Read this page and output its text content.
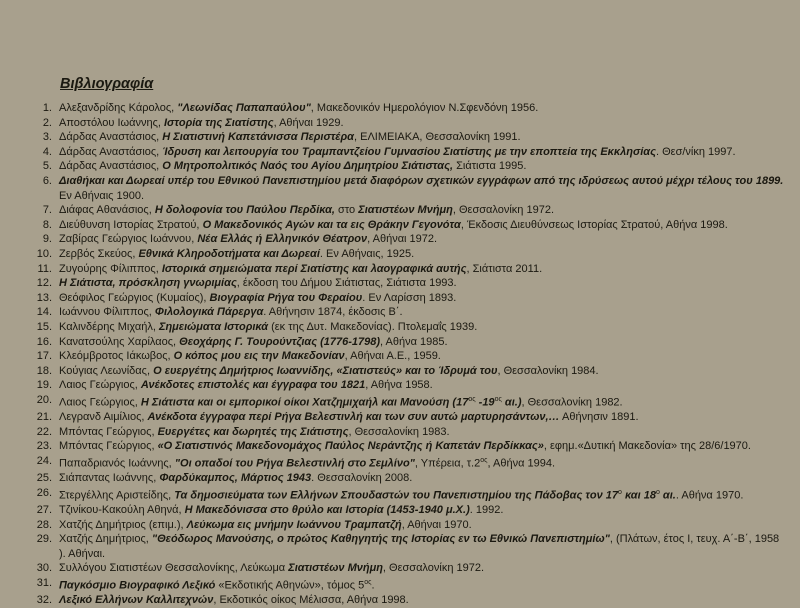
Βιβλιογραφία
1. Αλεξανδρίδης Κάρολος, "Λεωνίδας Παπαπαύλου", Μακεδονικόν Ημερολόγιον Ν.Σφενδόνη 1956.
2. Αποστόλου Ιωάννης, Ιστορία της Σιατίστης, Αθήναι 1929.
3. Δάρδας Αναστάσιος, Η Σιατιστινή Καπετάνισσα Περιστέρα, ΕΛΙΜΕΙΑΚΑ, Θεσσαλονίκη 1991.
4. Δάρδας Αναστάσιος, Ίδρυση και λειτουργία του Τραμπαντζείου Γυμνασίου Σιατίστης με την εποπτεία της Εκκλησίας. Θεσ/νίκη 1997.
5. Δάρδας Αναστάσιος, Ο Μητροπολιτικός Ναός του Αγίου Δημητρίου Σιάτιστας, Σιάτιστα 1995.
6. Διαθήκαι και Δωρεαί υπέρ του Εθνικού Πανεπιστημίου μετά διαφόρων σχετικών εγγράφων από της ιδρύσεως αυτού μέχρι τέλους του 1899. Εν Αθήναις 1900.
7. Διάφας Αθανάσιος, Η δολοφονία του Παύλου Περδίκα, στο Σιατιστέων Μνήμη, Θεσσαλονίκη 1972.
8. Διεύθυνση Ιστορίας Στρατού, Ο Μακεδονικός Αγών και τα εις Θράκην Γεγονότα, Έκδοσις Διευθύνσεως Ιστορίας Στρατού, Αθήνα 1998.
9. Ζαβίρας Γεώργιος Ιωάννου, Νέα Ελλάς ή Ελληνικόν Θέατρον, Αθήναι 1972.
10. Ζερβός Σκεύος, Εθνικά Κληροδοτήματα και Δωρεαί. Εν Αθήναις, 1925.
11. Ζυγούρης Φίλιππος, Ιστορικά σημειώματα περί Σιατίστης και λαογραφικά αυτής, Σιάτιστα 2011.
12. Η Σιάτιστα, πρόσκληση γνωριμίας, έκδοση του Δήμου Σιάτιστας, Σιάτιστα 1993.
13. Θεόφιλος Γεώργιος (Κυμαίος), Βιογραφία Ρήγα του Φεραίου. Εν Λαρίσση 1893.
14. Ιωάννου Φίλιππος, Φιλολογικά Πάρεργα. Αθήνησιν 1874, έκδοσις Β΄.
15. Καλινδέρης Μιχαήλ, Σημειώματα Ιστορικά (εκ της Δυτ. Μακεδονίας). Πτολεμαΐς 1939.
16. Κανατσούλης Χαρίλαος, Θεοχάρης Γ. Τουρούντζιας (1776-1798), Αθήνα 1985.
17. Κλεόμβροτος Ιάκωβος, Ο κόπος μου εις την Μακεδονίαν, Αθήναι Α.Ε., 1959.
18. Κούγιας Λεωνίδας, Ο ευεργέτης Δημήτριος Ιωαννίδης, «Σιατιστεύς» και το Ίδρυμά του, Θεσσαλονίκη 1984.
19. Λαιος Γεώργιος, Ανέκδοτες επιστολές και έγγραφα του 1821, Αθήνα 1958.
20. Λαιος Γεώργιος, Η Σιάτιστα και οι εμπορικοί οίκοι Χατζημιχαήλ και Μανούση ($17^{o\varsigma}$ $-19^{o\varsigma}$ αι.), Θεσσαλονίκη 1982.
21. Λεγρανδ Αιμίλιος, Ανέκδοτα έγγραφα περί Ρήγα Βελεστινλή και των συν αυτώ μαρτυρησάντων,… Αθήνησιν 1891.
22. Μπόντας Γεώργιος, Ευεργέτες και δωρητές της Σιάτιστης, Θεσσαλονίκη 1983.
23. Μπόντας Γεώργιος, «Ο Σιατιστινός Μακεδονομάχος Παύλος Νεράντζης ή Καπετάν Περδίκκας», εφημ.«Δυτική Μακεδονία» της 28/6/1970.
24. Παπαδριανός Ιωάννης, "Οι οπαδοί του Ρήγα Βελεστινλή στο Σεμλίνο", Υπέρεια, $\tau.2^{o\varsigma}$, Αθήνα 1994.
25. Σιάπαντας Ιωάννης, Φαρδύκαμπος, Μάρτιος 1943. Θεσσαλονίκη 2008.
26. Στεργέλλης Αριστείδης, Τα δημοσιεύματα των Ελλήνων Σπουδαστών του Πανεπιστημίου της Πάδοβας τον $17^o$ και $18^o$ αι.. Αθήνα 1970.
27. Τζινίκου-Κακούλη Αθηνά, Η Μακεδόνισσα στο θρύλο και Ιστορία (1453-1940 μ.Χ.). 1992.
28. Χατζής Δημήτριος (επιμ.), Λεύκωμα εις μνήμην Ιωάννου Τραμπατζή, Αθήναι 1970.
29. Χατζής Δημήτριος, "Θεόδωρος Μανούσης, ο πρώτος Καθηγητής της Ιστορίας εν τω Εθνικώ Πανεπιστημίω", (Πλάτων, έτος Ι, τευχ. Α΄-Β΄, 1958 ). Αθήναι.
30. Συλλόγου Σιατιστέων Θεσσαλονίκης, Λεύκωμα Σιατιστέων Μνήμη, Θεσσαλονίκη 1972.
31. Παγκόσμιο Βιογραφικό Λεξικό «Εκδοτικής Αθηνών», τόμος $5^{o\varsigma}$.
32. Λεξικό Ελλήνων Καλλιτεχνών, Εκδοτικός οίκος Μέλισσα, Αθήνα 1998.
